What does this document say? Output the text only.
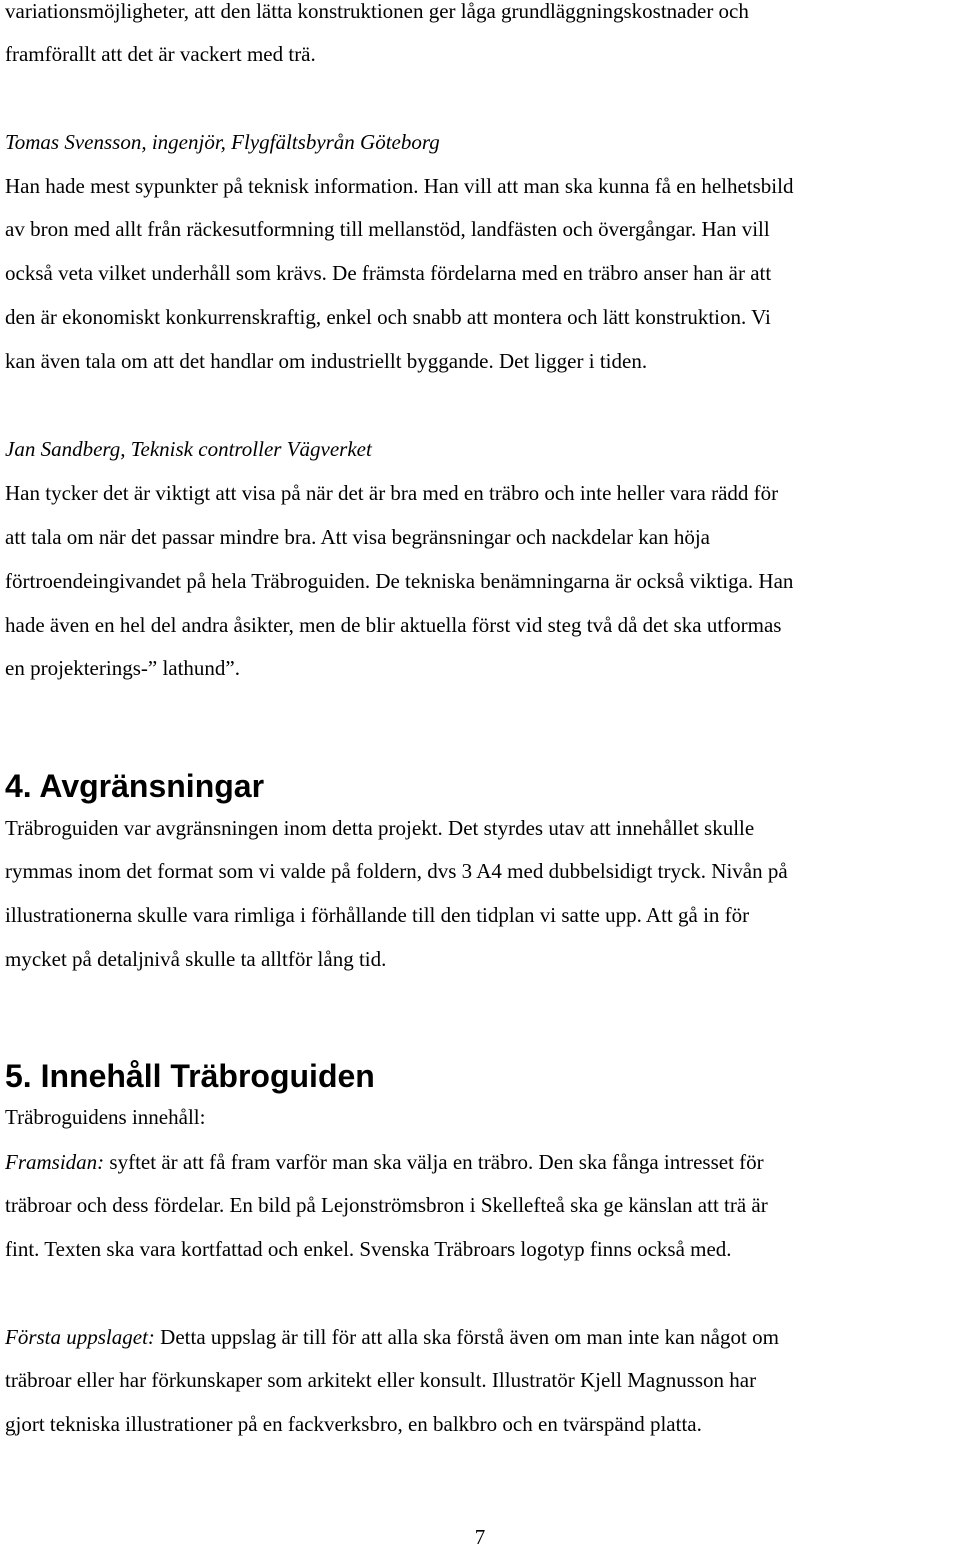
variationsmöjligheter, att den lätta konstruktionen ger låga grundläggningskostnader och
framförallt att det är vackert med trä.
Tomas Svensson, ingenjör, Flygfältsbyrån Göteborg
Han hade mest sypunkter på teknisk information. Han vill att man ska kunna få en helhetsbild
av bron med allt från räckesutformning till mellanstöd, landfästen och övergångar. Han vill
också veta vilket underhåll som krävs. De främsta fördelarna med en träbro anser han är att
den är ekonomiskt konkurrenskraftig, enkel och snabb att montera och lätt konstruktion. Vi
kan även tala om att det handlar om industriellt byggande. Det ligger i tiden.
Jan Sandberg, Teknisk controller Vägverket
Han tycker det är viktigt att visa på när det är bra med en träbro och inte heller vara rädd för
att tala om när det passar mindre bra. Att visa begränsningar och nackdelar kan höja
förtroendeingivandet på hela Träbroguiden. De tekniska benämningarna är också viktiga. Han
hade även en hel del andra åsikter, men de blir aktuella först vid steg två då det ska utformas
en projekterings-” lathund”.
4. Avgränsningar
Träbroguiden var avgränsningen inom detta projekt. Det styrdes utav att innehållet skulle
rymmas inom det format som vi valde på foldern, dvs 3 A4 med dubbelsidigt tryck. Nivån på
illustrationerna skulle vara rimliga i förhållande till den tidplan vi satte upp. Att gå in för
mycket på detaljnivå skulle ta alltför lång tid.
5. Innehåll Träbroguiden
Träbroguidens innehåll:
Framsidan: syftet är att få fram varför man ska välja en träbro. Den ska fånga intresset för
träbroar och dess fördelar. En bild på Lejonströmsbron i Skellefteå ska ge känslan att trä är
fint. Texten ska vara kortfattad och enkel. Svenska Träbroars logotyp finns också med.
Första uppslaget: Detta uppslag är till för att alla ska förstå även om man inte kan något om
träbroar eller har förkunskaper som arkitekt eller konsult. Illustratör Kjell Magnusson har
gjort tekniska illustrationer på en fackverksbro, en balkbro och en tvärspänd platta.
7
